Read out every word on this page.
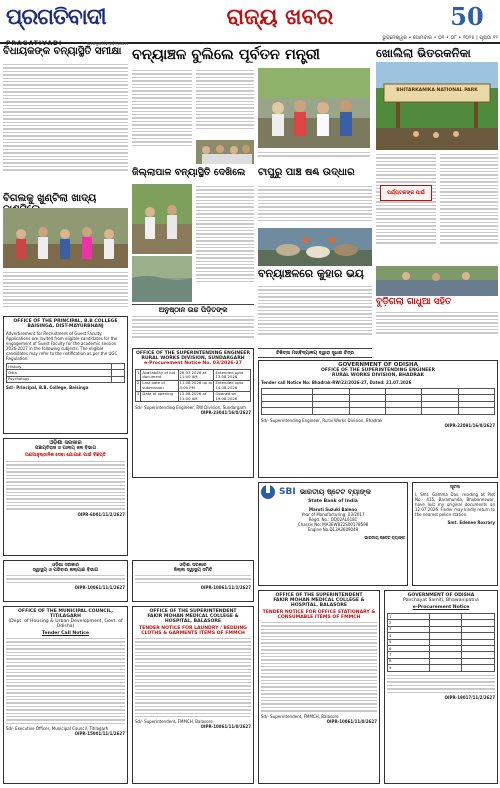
ପ୍ରଗତିବାଦୀ
PRAGATIVADI	pragativadi.com
ରାଜ୍ୟ ଖବର	50
ଭୁବନେଶ୍ୱର • ସୋମବାର • ୦୧ • ୦୮ • ୨୦୨୫ | ପୃଷ୍ଠା ୧୨
ବିଧାୟକଙ୍କ ବନ୍ୟାସ୍ଥିତି ସମୀକ୍ଷା ବନ୍ୟାଞ୍ଚଳ ବୁଲିଲେ ପୂର୍ବତନ ମନ୍ତ୍ରୀ	ଖୋଲିଲା ଭିତରକନିକା
BHITARKANIKA NATIONAL PARK
ପର୍ଯ୍ୟଟକଙ୍କ ପାଇଁ
ଜିଲ୍ଲାପାଳ ବନ୍ୟାସ୍ଥିତି ଦେଖିଲେ	ଟାପୁରୁ ପାଞ୍ଚ ଷଣ୍ଢ ଉଦ୍ଧାର
ବିଗଲକୁ ଖୁଣ୍ଟିଲା ଖାଦ୍ୟ
ବନ୍ୟାଞ୍ଚଳରେ କୁହାର ଭୟ
ବୁଡ଼ିଗଲା ଗାଧୁଆ ସହିତ
OFFICE OF THE PRINCIPAL, B.B COLLEGE
BAISINGA, DIST-MAYURBHANJ
Advertisement for Recruitment of Guest Faculty. Applications are invited from eligible candidates for the engagement of Guest Faculty for the academic session 2026-2027 in the following subjects. The eligible candidates may refer to the notification as per the UGC Regulation.
History	
Odia	
Psychology	
Sd/- Principal, B.B. College, Baisinga
OFFICE OF THE SUPERINTENDING ENGINEER
RURAL WORKS DIVISION, SUNDARGARH
e-Procurement Notice No. 03/2026-27
1	Availability of bid document	28.07.2026 at 11:00 AM	Extended upto 13.08.2026
2	Last date of submission	11.08.2026 up to 5:00 PM	Extended upto 14.08.2026
3	Date of opening	12.08.2026 at 11:00 AM	Opened on 19.08.2026
Sd/- Superintending Engineer, RW Division, Sundargarh
OIPR-23041/16/0/2627
ଚିକିତ୍ସା ମହାବିଦ୍ୟାଳୟ ଦ୍ୱାରା ସୁଧାର ଚିତ୍ର
GOVERNMENT OF ODISHA
OFFICE OF THE SUPERINTENDING ENGINEER
RURAL WORKS DIVISION, BHADRAK
Tender call Notice No: Bhadrak-RW/22/2026-27, Dated: 21.07.2026

Sd/- Superintending Engineer, Rural Works Division, Bhadrak
OIPR-22091/16/0/2627
ଓଡ଼ିଶା ସରକାର
ପଞ୍ଚାୟତିରାଜ ଓ ପାନୀୟ ଜଳ ବିଭାଗ
ଅଣଆନୁଷ୍ଠାନିକ ସେବା ଯୋଗାଣ ପାଇଁ ବିଜ୍ଞପ୍ତି
OIPR-6001/11/2/2627
SBI ଭାରତୀୟ ଷ୍ଟେଟ ବ୍ୟାଙ୍କ
State Bank of India
Maruti Suzuki Baleno
Year of Manufacturing: 03/2017
Regd. No.: OD02AL6181
Chassis No: MA3EWB22S00178598
Engine No.D13A3609049
ଭାରତୀୟ ଷ୍ଟେଟ ବ୍ୟାଙ୍କ
ସୂଚନା
I, Smt. Gamma Das, residing at Plot No.- 415, Baramunda, Bhubaneswar, have lost my original documents on 12.07.2026. Finder may kindly return to the nearest police station.
Smt. Edenee Roxrary
ଓଡ଼ିଶା ସରକାର
ସ୍ୱାସ୍ଥ୍ୟ ଓ ପରିବାର କଲ୍ୟାଣ ବିଭାଗ
OIPR-10061/11/1/2627
ଓଡ଼ିଶା ସରକାର
ଜିଲ୍ଲା ସ୍ୱାସ୍ଥ୍ୟ ସମିତି
OIPR-10061/11/1/2627
OFFICE OF THE MUNICIPAL COUNCIL, TITILAGARH
(Dept. of Housing & Urban Development, Govt. of Odisha)
Tender Call Notice
Sd/- Executive Officer, Municipal Council, Titilagarh
OIPR-15001/11/1/2627
OFFICE OF THE SUPERINTENDENT
FAKIR MOHAN MEDICAL COLLEGE & HOSPITAL, BALASORE
TENDER NOTICE FOR LAUNDRY / BEDDING CLOTHS & GARMENTS ITEMS OF FMMCH
Sd/- Superintendent, FMMCH, Balasore
OIPR-10061/11/0/2627
OFFICE OF THE SUPERINTENDENT
FAKIR MOHAN MEDICAL COLLEGE & HOSPITAL, BALASORE
TENDER NOTICE FOR OFFICE STATIONARY & CONSUMABLE ITEMS OF FMMCH
Sd/- Superintendent, FMMCH, Balasore
OIPR-10061/11/0/2627
GOVERNMENT OF ODISHA
Panchayat Samiti, Bhawanipatna
e-Procurement Notice
1		
2		
3		
4		
5		
6		
7		
8		
9		
OIPR-19017/11/2/2627
ଅନୁଷ୍ଠାନ ଉଚ୍ଚ ପିଡ଼ିତଙ୍କ
